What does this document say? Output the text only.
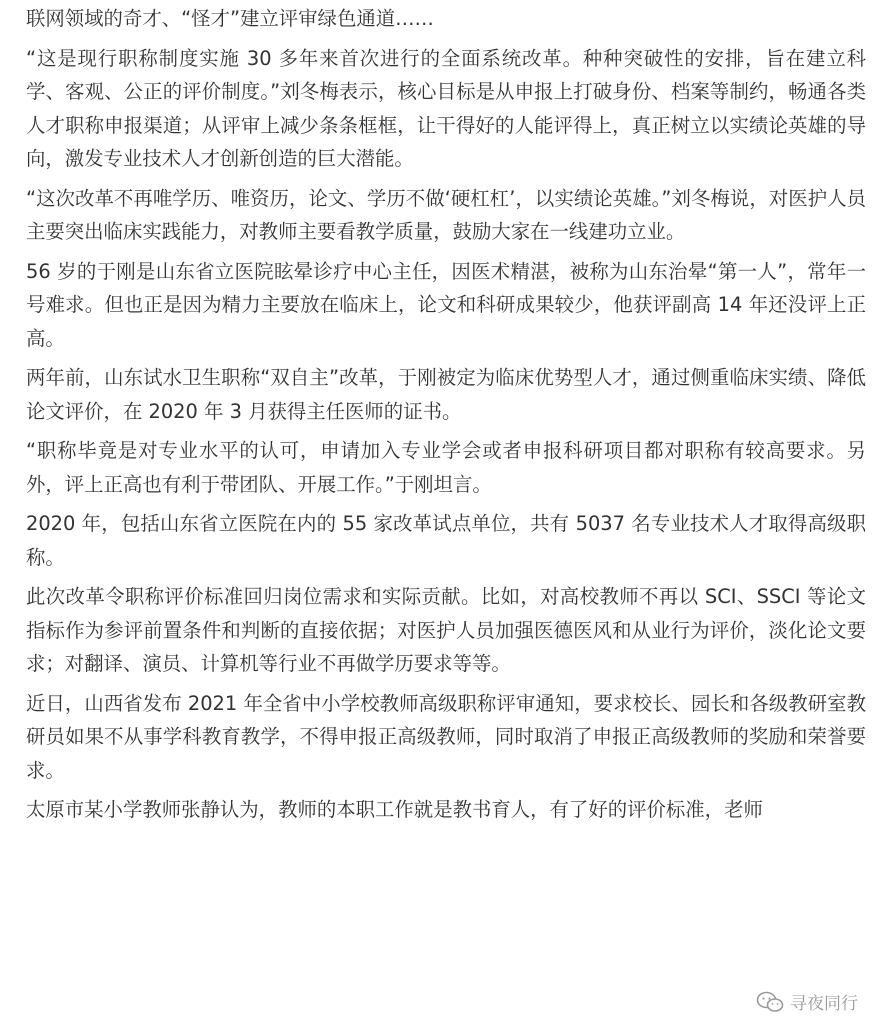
联网领域的奇才、“怪才”建立评审绿色通道……

“这是现行职称制度实施 30 多年来首次进行的全面系统改革。种种突破性的安排，旨在建立科学、客观、公正的评价制度。”刘冬梅表示，核心目标是从申报上打破身份、档案等制约，畅通各类人才职称申报渠道；从评审上减少条条框框，让干得好的人能评得上，真正树立以实绩论英雄的导向，激发专业技术人才创新创造的巨大潜能。

“这次改革不再唯学历、唯资历，论文、学历不做‘硬杠杠’，以实绩论英雄。”刘冬梅说，对医护人员主要突出临床实践能力，对教师主要看教学质量，鼓励大家在一线建功立业。

56 岁的于刚是山东省立医院眩晕诊疗中心主任，因医术精湛，被称为山东治晕“第一人”，常年一号难求。但也正是因为精力主要放在临床上，论文和科研成果较少，他获评副高 14 年还没评上正高。

两年前，山东试水卫生职称“双自主”改革，于刚被定为临床优势型人才，通过侧重临床实绩、降低论文评价，在 2020 年 3 月获得主任医师的证书。

“职称毕竟是对专业水平的认可，申请加入专业学会或者申报科研项目都对职称有较高要求。另外，评上正高也有利于带团队、开展工作。”于刚坦言。

2020 年，包括山东省立医院在内的 55 家改革试点单位，共有 5037 名专业技术人才取得高级职称。

此次改革令职称评价标准回归岗位需求和实际贡献。比如，对高校教师不再以 SCI、SSCI 等论文指标作为参评前置条件和判断的直接依据；对医护人员加强医德医风和从业行为评价，淡化论文要求；对翻译、演员、计算机等行业不再做学历要求等等。

近日，山西省发布 2021 年全省中小学校教师高级职称评审通知，要求校长、园长和各级教研室教研员如果不从事学科教育教学，不得申报正高级教师，同时取消了申报正高级教师的奖励和荣誉要求。

太原市某小学教师张静认为，教师的本职工作就是教书育人，有了好的评价标准，老师

寻夜同行
